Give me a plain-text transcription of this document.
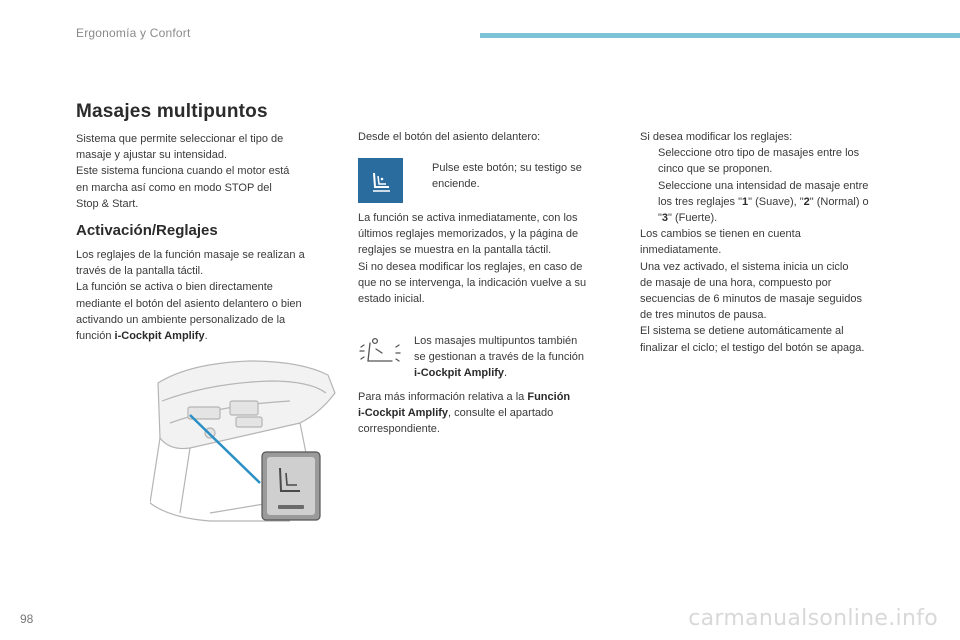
Ergonomía y Confort
Masajes multipuntos
Activación/Reglajes
Sistema que permite seleccionar el tipo de
masaje y ajustar su intensidad.
Este sistema funciona cuando el motor está
en marcha así como en modo STOP del
Stop & Start.
Los reglajes de la función masaje se realizan a
través de la pantalla táctil.
La función se activa o bien directamente
mediante el botón del asiento delantero o bien
activando un ambiente personalizado de la
función i-Cockpit Amplify.
Desde el botón del asiento delantero:
Pulse este botón; su testigo se
enciende.
La función se activa inmediatamente, con los
últimos reglajes memorizados, y la página de
reglajes se muestra en la pantalla táctil.
Si no desea modificar los reglajes, en caso de
que no se intervenga, la indicación vuelve a su
estado inicial.
Los masajes multipuntos también
se gestionan a través de la función
i-Cockpit Amplify.
Para más información relativa a la Función
i-Cockpit Amplify, consulte el apartado
correspondiente.
Si desea modificar los reglajes:
Seleccione otro tipo de masajes entre los
cinco que se proponen.
Seleccione una intensidad de masaje entre
los tres reglajes "1" (Suave), "2" (Normal) o
"3" (Fuerte).
Los cambios se tienen en cuenta
inmediatamente.
Una vez activado, el sistema inicia un ciclo
de masaje de una hora, compuesto por
secuencias de 6 minutos de masaje seguidos
de tres minutos de pausa.
El sistema se detiene automáticamente al
finalizar el ciclo; el testigo del botón se apaga.
98	carmanualsonline.info
